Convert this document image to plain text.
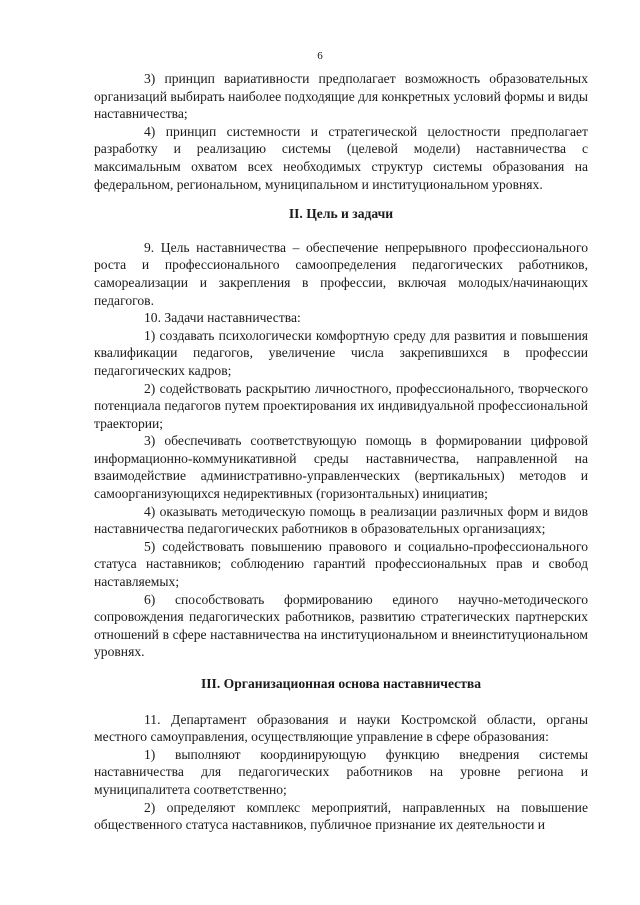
6

3) принцип вариативности предполагает возможность образовательных организаций выбирать наиболее подходящие для конкретных условий формы и виды наставничества;

4) принцип системности и стратегической целостности предполагает разработку и реализацию системы (целевой модели) наставничества с максимальным охватом всех необходимых структур системы образования на федеральном, региональном, муниципальном и институциональном уровнях.

II. Цель и задачи

9. Цель наставничества – обеспечение непрерывного профессионального роста и профессионального самоопределения педагогических работников, самореализации и закрепления в профессии, включая молодых/начинающих педагогов.

10. Задачи наставничества:

1) создавать психологически комфортную среду для развития и повышения квалификации педагогов, увеличение числа закрепившихся в профессии педагогических кадров;

2) содействовать раскрытию личностного, профессионального, творческого потенциала педагогов путем проектирования их индивидуальной профессиональной траектории;

3) обеспечивать соответствующую помощь в формировании цифровой информационно-коммуникативной среды наставничества, направленной на взаимодействие административно-управленческих (вертикальных) методов и самоорганизующихся недирективных (горизонтальных) инициатив;

4) оказывать методическую помощь в реализации различных форм и видов наставничества педагогических работников в образовательных организациях;

5) содействовать повышению правового и социально-профессионального статуса наставников; соблюдению гарантий профессиональных прав и свобод наставляемых;

6) способствовать формированию единого научно-методического сопровождения педагогических работников, развитию стратегических партнерских отношений в сфере наставничества на институциональном и внеинституциональном уровнях.

III. Организационная основа наставничества

11. Департамент образования и науки Костромской области, органы местного самоуправления, осуществляющие управление в сфере образования:

1) выполняют координирующую функцию внедрения системы наставничества для педагогических работников на уровне региона и муниципалитета соответственно;

2) определяют комплекс мероприятий, направленных на повышение общественного статуса наставников, публичное признание их деятельности и
